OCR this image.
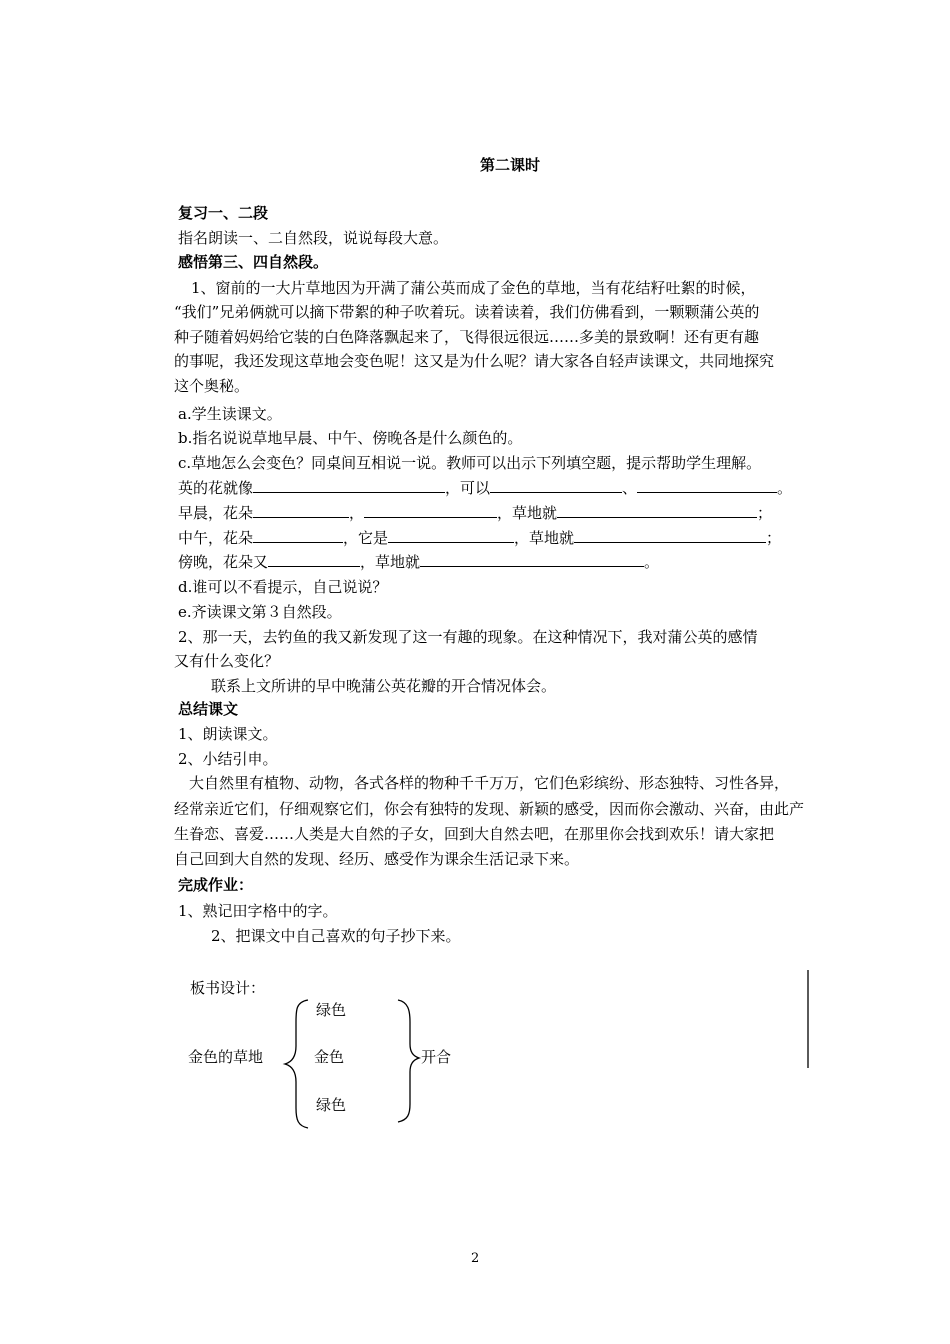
第二课时
复习一、二段
指名朗读一、二自然段，说说每段大意。
感悟第三、四自然段。
1、窗前的一大片草地因为开满了蒲公英而成了金色的草地，当有花结籽吐絮的时候，
“我们”兄弟俩就可以摘下带絮的种子吹着玩。读着读着，我们仿佛看到，一颗颗蒲公英的
种子随着妈妈给它装的白色降落飘起来了，飞得很远很远……多美的景致啊！还有更有趣
的事呢，我还发现这草地会变色呢！这又是为什么呢？请大家各自轻声读课文，共同地探究
这个奥秘。
a.学生读课文。
b.指名说说草地早晨、中午、傍晚各是什么颜色的。
c.草地怎么会变色？同桌间互相说一说。教师可以出示下列填空题，提示帮助学生理解。
英的花就像	，可以	、	。
早晨，花朵	，	，草地就	；
中午，花朵	，它是	，草地就	；
傍晚，花朵又	，草地就	。
d.谁可以不看提示，自己说说？
e.齐读课文第３自然段。
2、那一天，去钓鱼的我又新发现了这一有趣的现象。在这种情况下，我对蒲公英的感情
又有什么变化？
联系上文所讲的早中晚蒲公英花瓣的开合情况体会。
总结课文
1、朗读课文。
2、小结引申。
大自然里有植物、动物，各式各样的物种千千万万，它们色彩缤纷、形态独特、习性各异，
经常亲近它们，仔细观察它们，你会有独特的发现、新颖的感受，因而你会激动、兴奋，由此产
生眷恋、喜爱……人类是大自然的子女，回到大自然去吧，在那里你会找到欢乐！请大家把
自己回到大自然的发现、经历、感受作为课余生活记录下来。
完成作业：
1、熟记田字格中的字。
2、把课文中自己喜欢的句子抄下来。
板书设计：
绿色
金色的草地	金色	开合
绿色
2
